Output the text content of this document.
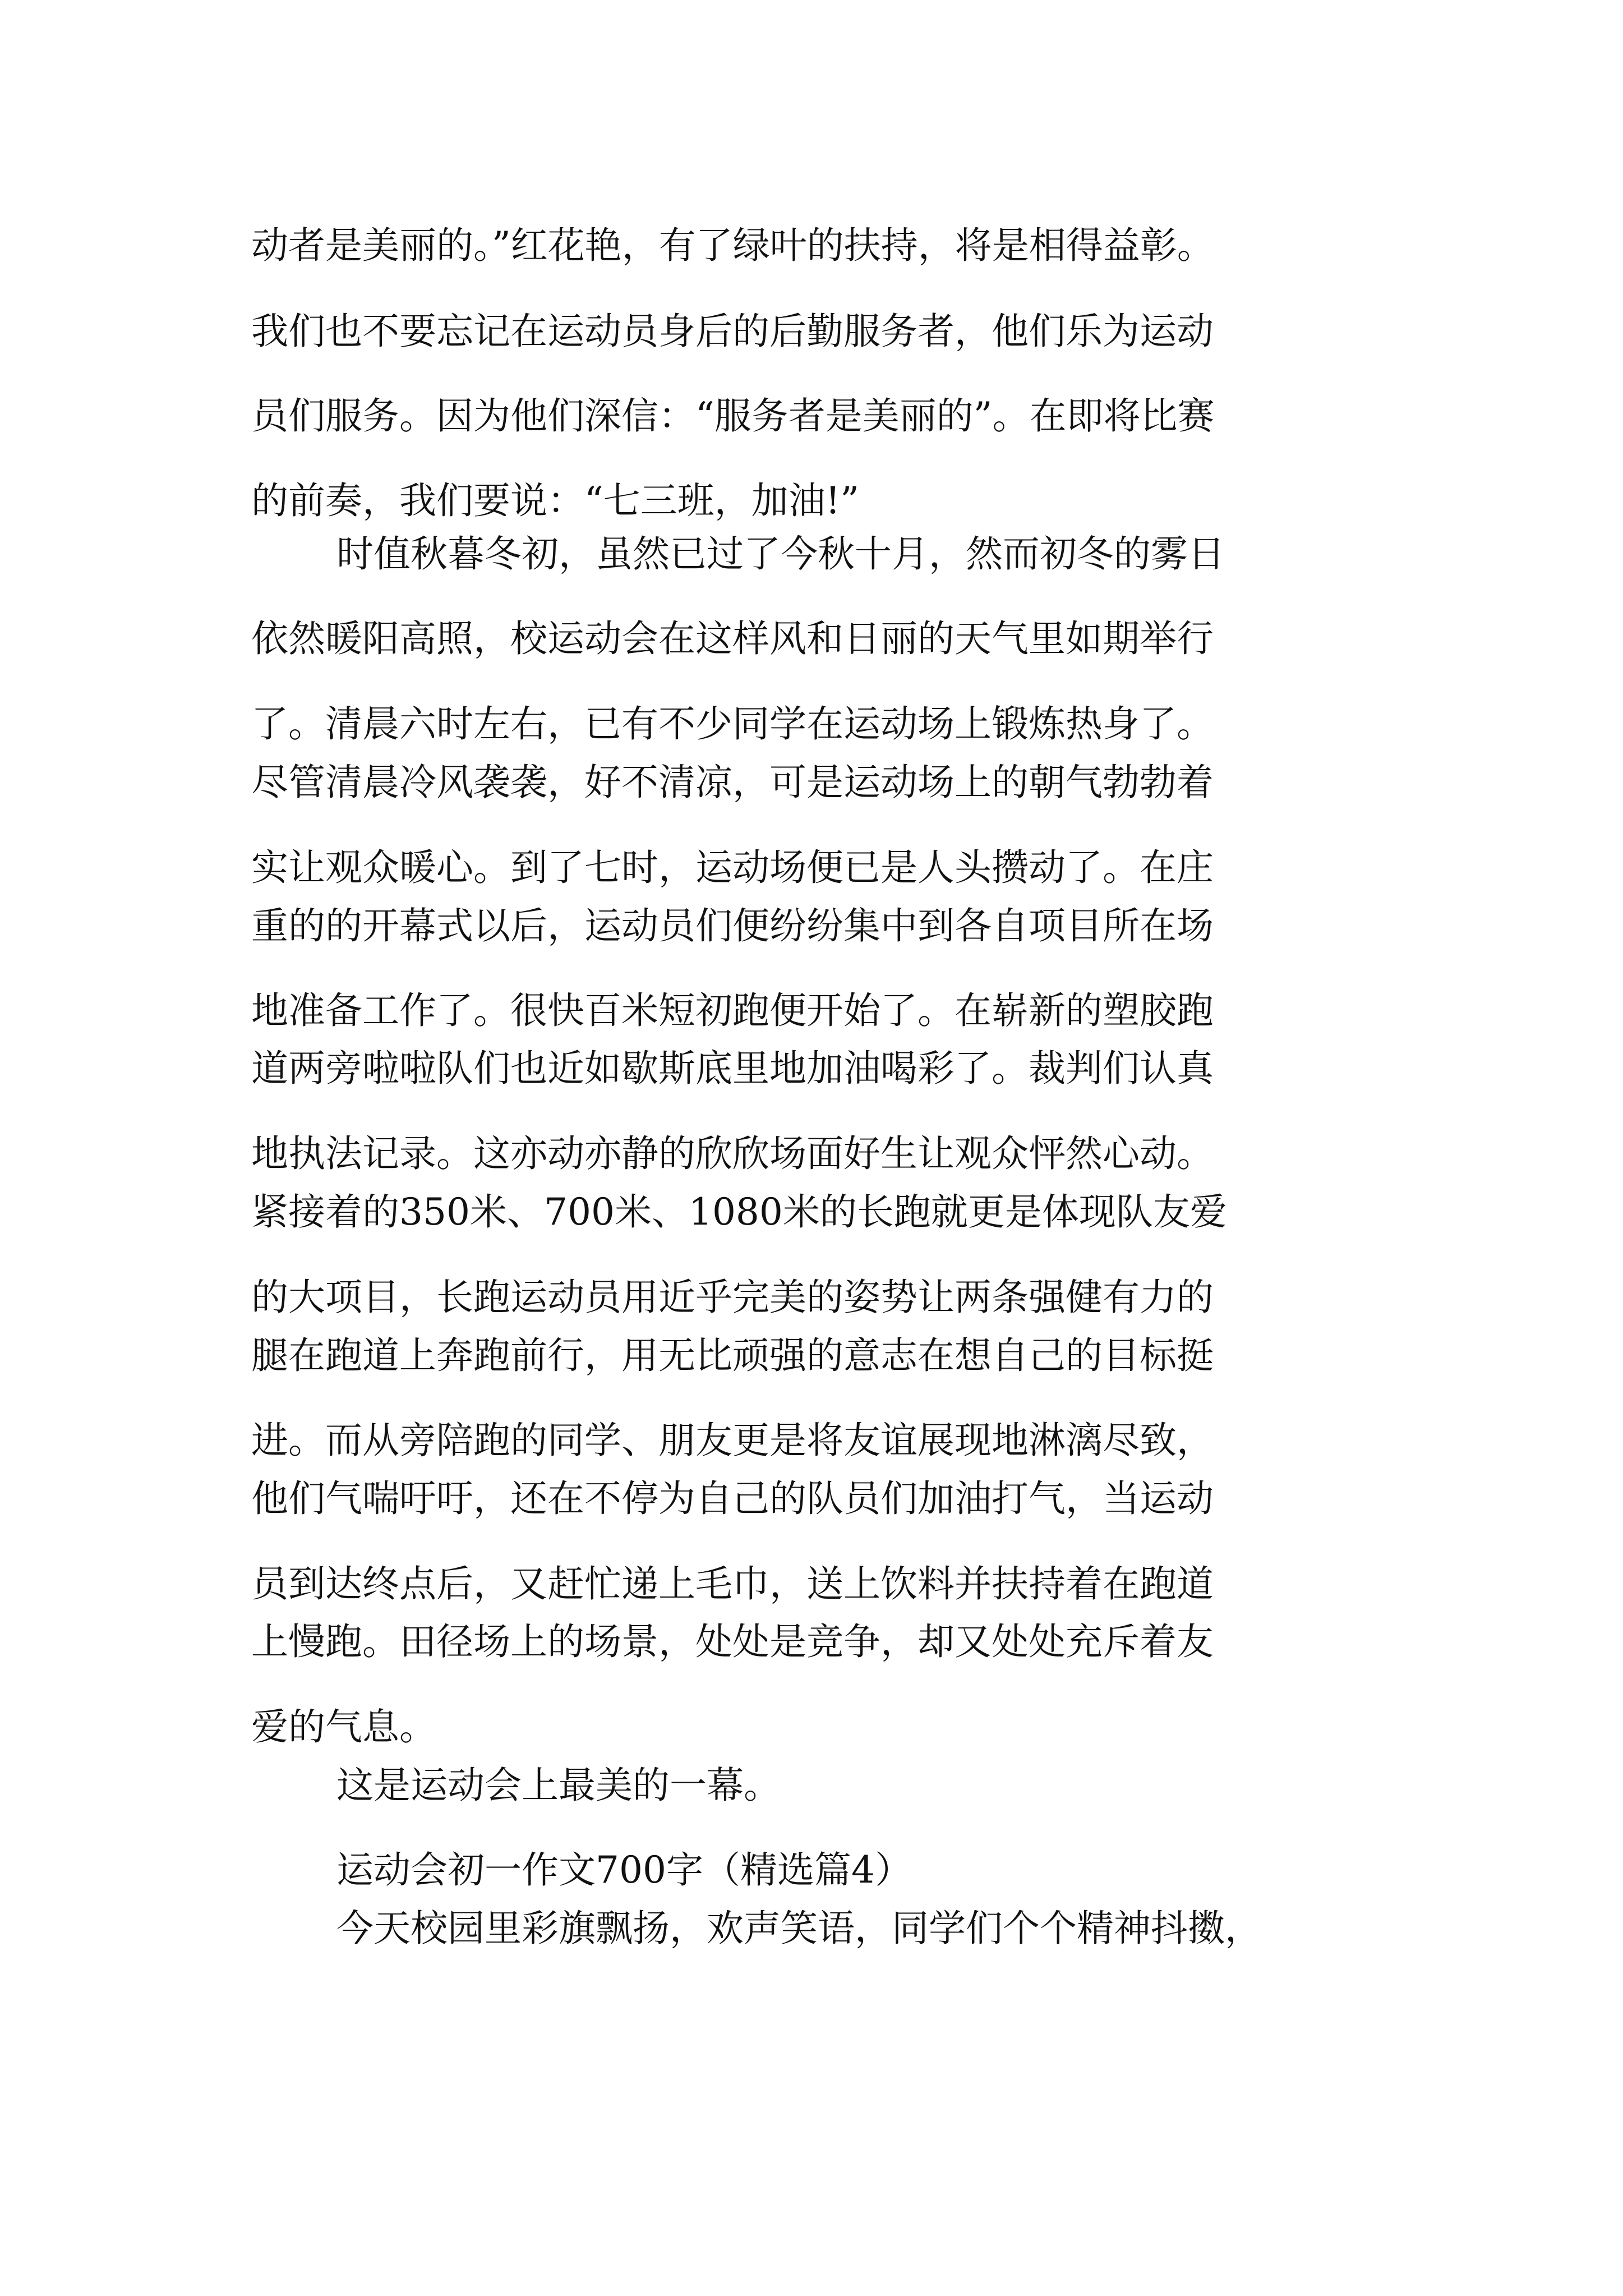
动者是美丽的。”红花艳，有了绿叶的扶持，将是相得益彰。
我们也不要忘记在运动员身后的后勤服务者，他们乐为运动
员们服务。因为他们深信：“服务者是美丽的”。在即将比赛
的前奏，我们要说：“七三班，加油!”
时值秋暮冬初，虽然已过了今秋十月，然而初冬的雾日
依然暖阳高照，校运动会在这样风和日丽的天气里如期举行
了。清晨六时左右，已有不少同学在运动场上锻炼热身了。
尽管清晨冷风袭袭，好不清凉，可是运动场上的朝气勃勃着
实让观众暖心。到了七时，运动场便已是人头攒动了。在庄
重的的开幕式以后，运动员们便纷纷集中到各自项目所在场
地准备工作了。很快百米短初跑便开始了。在崭新的塑胶跑
道两旁啦啦队们也近如歇斯底里地加油喝彩了。裁判们认真
地执法记录。这亦动亦静的欣欣场面好生让观众怦然心动。
紧接着的350米、700米、1080米的长跑就更是体现队友爱
的大项目，长跑运动员用近乎完美的姿势让两条强健有力的
腿在跑道上奔跑前行，用无比顽强的意志在想自己的目标挺
进。而从旁陪跑的同学、朋友更是将友谊展现地淋漓尽致，
他们气喘吁吁，还在不停为自己的队员们加油打气，当运动
员到达终点后，又赶忙递上毛巾，送上饮料并扶持着在跑道
上慢跑。田径场上的场景，处处是竞争，却又处处充斥着友
爱的气息。
这是运动会上最美的一幕。
运动会初一作文700字（精选篇4）
今天校园里彩旗飘扬，欢声笑语，同学们个个精神抖擞，
